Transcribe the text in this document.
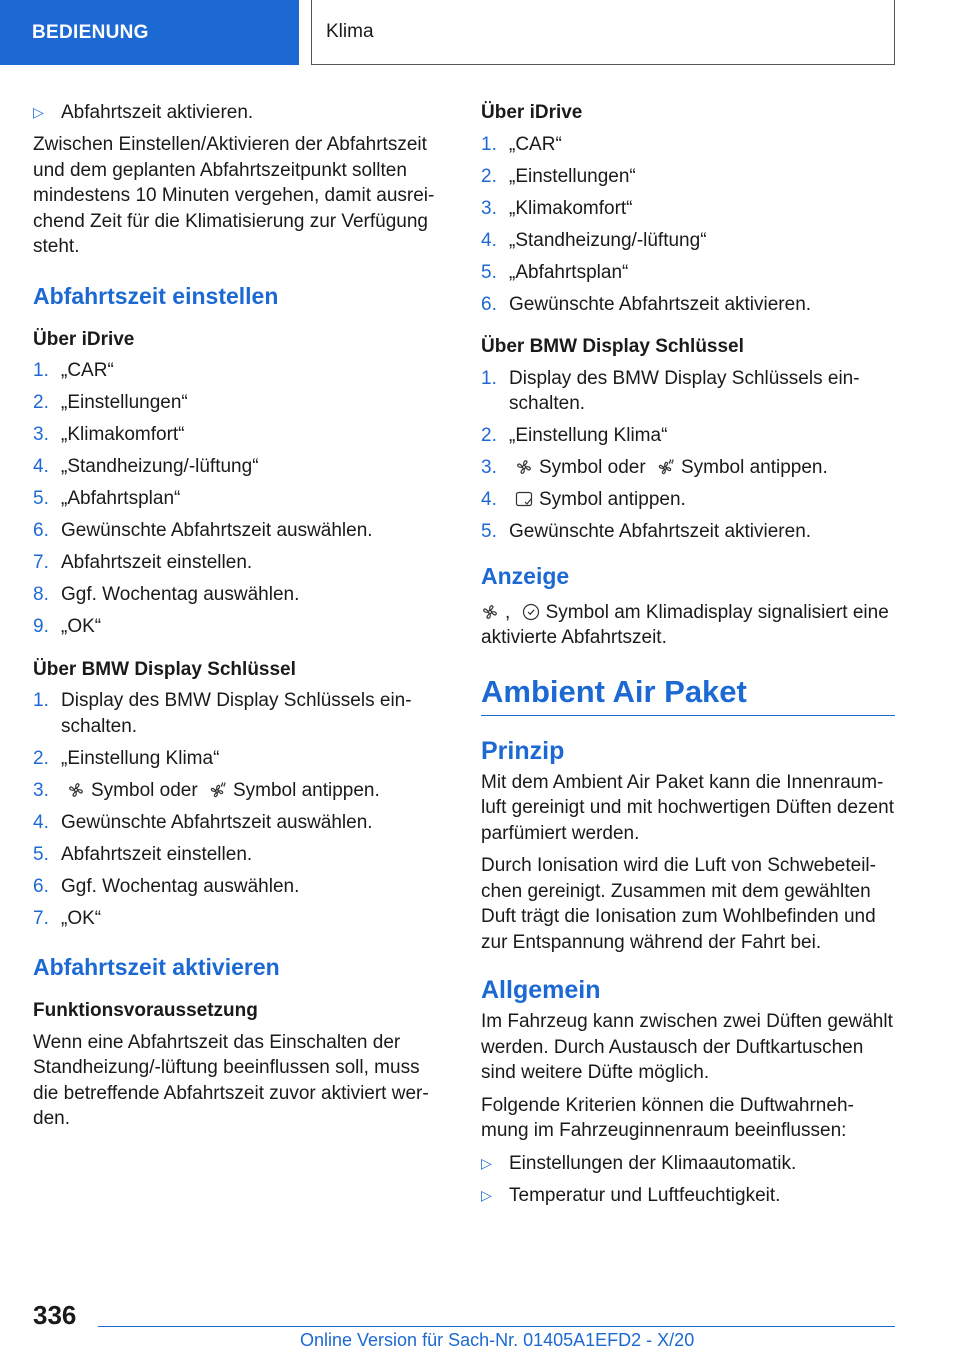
BEDIENUNG	Klima
▷ Abfahrtszeit aktivieren.

Zwischen Einstellen/Aktivieren der Abfahrtszeit und dem geplanten Abfahrtszeitpunkt sollten mindestens 10 Minuten vergehen, damit ausreichend Zeit für die Klimatisierung zur Verfügung steht.

Abfahrtszeit einstellen
Über iDrive
1. „CAR“
2. „Einstellungen“
3. „Klimakomfort“
4. „Standheizung/-lüftung“
5. „Abfahrtsplan“
6. Gewünschte Abfahrtszeit auswählen.
7. Abfahrtszeit einstellen.
8. Ggf. Wochentag auswählen.
9. „OK“
Über BMW Display Schlüssel
1. Display des BMW Display Schlüssels einschalten.
2. „Einstellung Klima“
3.	Symbol oder Symbol antippen.
4. Gewünschte Abfahrtszeit auswählen.
5. Abfahrtszeit einstellen.
6. Ggf. Wochentag auswählen.
7. „OK“
Abfahrtszeit aktivieren
Funktionsvoraussetzung

Wenn eine Abfahrtszeit das Einschalten der Standheizung/-lüftung beeinflussen soll, muss die betreffende Abfahrtszeit zuvor aktiviert werden.

Über iDrive
1. „CAR“
2. „Einstellungen“
3. „Klimakomfort“
4. „Standheizung/-lüftung“
5. „Abfahrtsplan“
6. Gewünschte Abfahrtszeit aktivieren.
Über BMW Display Schlüssel
1. Display des BMW Display Schlüssels einschalten.
2. „Einstellung Klima“
3.	Symbol oder Symbol antippen.
4.	Symbol antippen.
5. Gewünschte Abfahrtszeit aktivieren.
Anzeige

, Symbol am Klimadisplay signalisiert eine aktivierte Abfahrtszeit.

Ambient Air Paket
Prinzip

Mit dem Ambient Air Paket kann die Innenraumluft gereinigt und mit hochwertigen Düften dezent parfümiert werden.

Durch Ionisation wird die Luft von Schwebeteilchen gereinigt. Zusammen mit dem gewählten Duft trägt die Ionisation zum Wohlbefinden und zur Entspannung während der Fahrt bei.

Allgemein

Im Fahrzeug kann zwischen zwei Düften gewählt werden. Durch Austausch der Duftkartuschen sind weitere Düfte möglich.

Folgende Kriterien können die Duftwahrnehmung im Fahrzeuginnenraum beeinflussen:

▷ Einstellungen der Klimaautomatik.
▷ Temperatur und Luftfeuchtigkeit.
336
Online Version für Sach-Nr. 01405A1EFD2 - X/20
